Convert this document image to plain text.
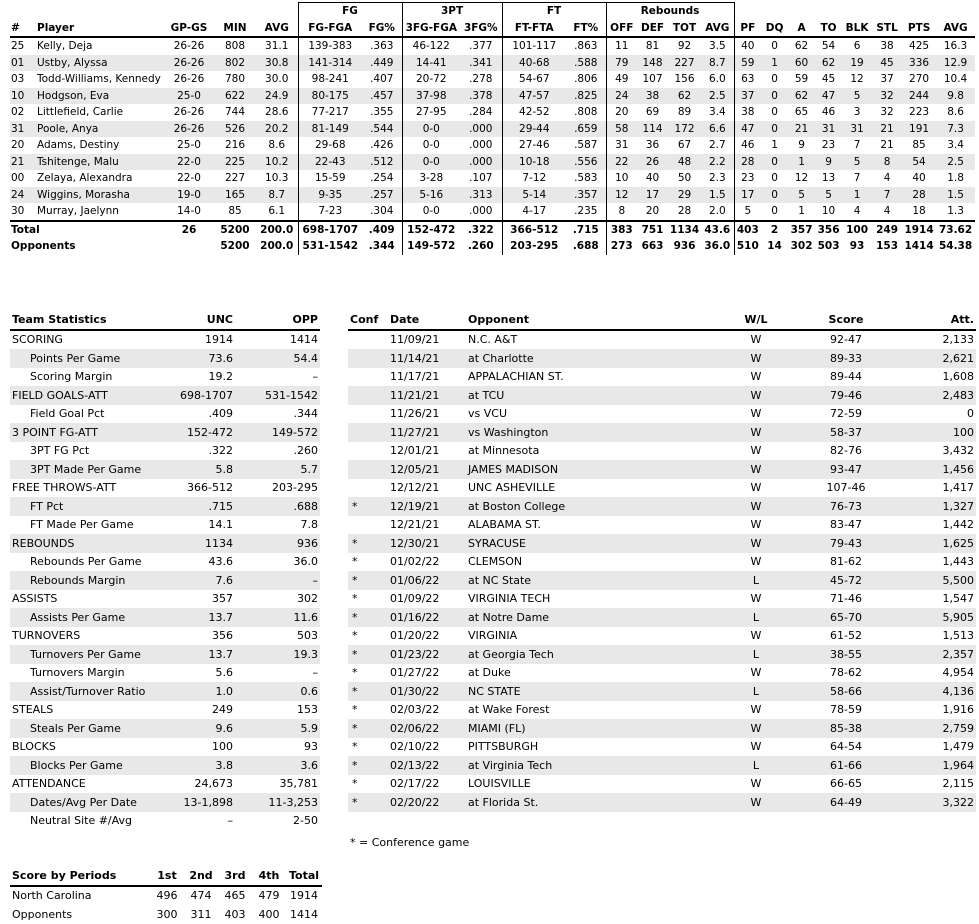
					FG		3PT		FT		Rebounds											
#	Player	GP-GS	MIN	AVG	FG-FGA	FG%	3FG-FGA	3FG%	FT-FTA	FT%	OFF	DEF	TOT	AVG	PF	DQ	A	TO	BLK	STL	PTS	AVG
25	Kelly, Deja	26-26	808	31.1	139-383	.363	46-122	.377	101-117	.863	11	81	92	3.5	40	0	62	54	6	38	425	16.3
01	Ustby, Alyssa	26-26	802	30.8	141-314	.449	14-41	.341	40-68	.588	79	148	227	8.7	59	1	60	62	19	45	336	12.9
03	Todd-Williams, Kennedy	26-26	780	30.0	98-241	.407	20-72	.278	54-67	.806	49	107	156	6.0	63	0	59	45	12	37	270	10.4
10	Hodgson, Eva	25-0	622	24.9	80-175	.457	37-98	.378	47-57	.825	24	38	62	2.5	37	0	62	47	5	32	244	9.8
02	Littlefield, Carlie	26-26	744	28.6	77-217	.355	27-95	.284	42-52	.808	20	69	89	3.4	38	0	65	46	3	32	223	8.6
31	Poole, Anya	26-26	526	20.2	81-149	.544	0-0	.000	29-44	.659	58	114	172	6.6	47	0	21	31	31	21	191	7.3
20	Adams, Destiny	25-0	216	8.6	29-68	.426	0-0	.000	27-46	.587	31	36	67	2.7	46	1	9	23	7	21	85	3.4
21	Tshitenge, Malu	22-0	225	10.2	22-43	.512	0-0	.000	10-18	.556	22	26	48	2.2	28	0	1	9	5	8	54	2.5
00	Zelaya, Alexandra	22-0	227	10.3	15-59	.254	3-28	.107	7-12	.583	10	40	50	2.3	23	0	12	13	7	4	40	1.8
24	Wiggins, Morasha	19-0	165	8.7	9-35	.257	5-16	.313	5-14	.357	12	17	29	1.5	17	0	5	5	1	7	28	1.5
30	Murray, Jaelynn	14-0	85	6.1	7-23	.304	0-0	.000	4-17	.235	8	20	28	2.0	5	0	1	10	4	4	18	1.3
Total		26	5200	200.0	698-1707	.409	152-472	.322	366-512	.715	383	751	1134	43.6	403	2	357	356	100	249	1914	73.62
Opponents			5200	200.0	531-1542	.344	149-572	.260	203-295	.688	273	663	936	36.0	510	14	302	503	93	153	1414	54.38
Team Statistics	UNC	OPP
SCORING	1914	1414
Points Per Game	73.6	54.4
Scoring Margin	19.2	–
FIELD GOALS-ATT	698-1707	531-1542
Field Goal Pct	.409	.344
3 POINT FG-ATT	152-472	149-572
3PT FG Pct	.322	.260
3PT Made Per Game	5.8	5.7
FREE THROWS-ATT	366-512	203-295
FT Pct	.715	.688
FT Made Per Game	14.1	7.8
REBOUNDS	1134	936
Rebounds Per Game	43.6	36.0
Rebounds Margin	7.6	–
ASSISTS	357	302
Assists Per Game	13.7	11.6
TURNOVERS	356	503
Turnovers Per Game	13.7	19.3
Turnovers Margin	5.6	–
Assist/Turnover Ratio	1.0	0.6
STEALS	249	153
Steals Per Game	9.6	5.9
BLOCKS	100	93
Blocks Per Game	3.8	3.6
ATTENDANCE	24,673	35,781
Dates/Avg Per Date	13-1,898	11-3,253
Neutral Site #/Avg	–	2-50
Conf	Date	Opponent	W/L	Score	Att.
	11/09/21	N.C. A&T	W	92-47	2,133
	11/14/21	at Charlotte	W	89-33	2,621
	11/17/21	APPALACHIAN ST.	W	89-44	1,608
	11/21/21	at TCU	W	79-46	2,483
	11/26/21	vs VCU	W	72-59	0
	11/27/21	vs Washington	W	58-37	100
	12/01/21	at Minnesota	W	82-76	3,432
	12/05/21	JAMES MADISON	W	93-47	1,456
	12/12/21	UNC ASHEVILLE	W	107-46	1,417
*	12/19/21	at Boston College	W	76-73	1,327
	12/21/21	ALABAMA ST.	W	83-47	1,442
*	12/30/21	SYRACUSE	W	79-43	1,625
*	01/02/22	CLEMSON	W	81-62	1,443
*	01/06/22	at NC State	L	45-72	5,500
*	01/09/22	VIRGINIA TECH	W	71-46	1,547
*	01/16/22	at Notre Dame	L	65-70	5,905
*	01/20/22	VIRGINIA	W	61-52	1,513
*	01/23/22	at Georgia Tech	L	38-55	2,357
*	01/27/22	at Duke	W	78-62	4,954
*	01/30/22	NC STATE	L	58-66	4,136
*	02/03/22	at Wake Forest	W	78-59	1,916
*	02/06/22	MIAMI (FL)	W	85-38	2,759
*	02/10/22	PITTSBURGH	W	64-54	1,479
*	02/13/22	at Virginia Tech	L	61-66	1,964
*	02/17/22	LOUISVILLE	W	66-65	2,115
*	02/20/22	at Florida St.	W	64-49	3,322
* = Conference game
Score by Periods	1st	2nd	3rd	4th	Total
North Carolina	496	474	465	479	1914
Opponents	300	311	403	400	1414
